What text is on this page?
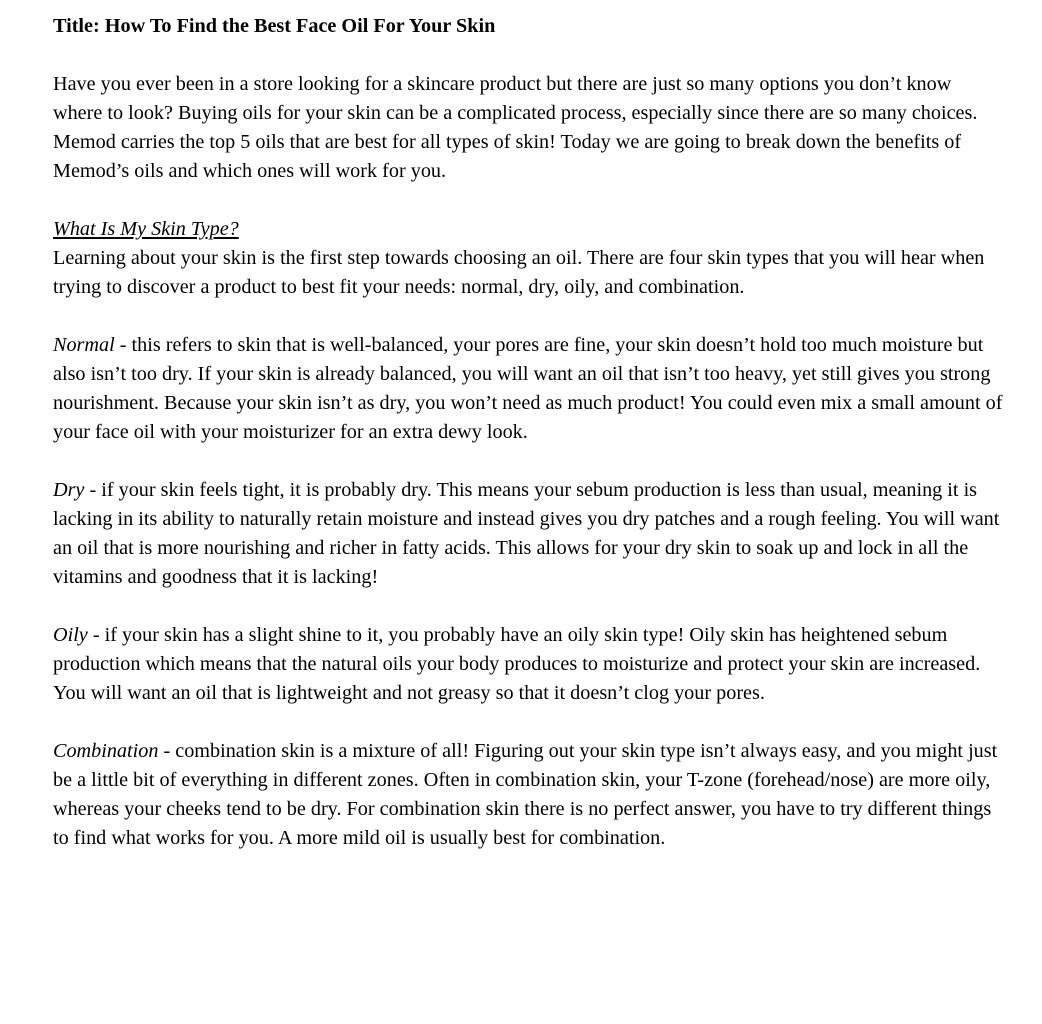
Title: How To Find the Best Face Oil For Your Skin

Have you ever been in a store looking for a skincare product but there are just so many options you don’t know where to look? Buying oils for your skin can be a complicated process, especially since there are so many choices. Memod carries the top 5 oils that are best for all types of skin! Today we are going to break down the benefits of Memod’s oils and which ones will work for you.

What Is My Skin Type?

Learning about your skin is the first step towards choosing an oil. There are four skin types that you will hear when trying to discover a product to best fit your needs: normal, dry, oily, and combination.

Normal - this refers to skin that is well-balanced, your pores are fine, your skin doesn’t hold too much moisture but also isn’t too dry. If your skin is already balanced, you will want an oil that isn’t too heavy, yet still gives you strong nourishment. Because your skin isn’t as dry, you won’t need as much product! You could even mix a small amount of your face oil with your moisturizer for an extra dewy look.

Dry - if your skin feels tight, it is probably dry. This means your sebum production is less than usual, meaning it is lacking in its ability to naturally retain moisture and instead gives you dry patches and a rough feeling. You will want an oil that is more nourishing and richer in fatty acids. This allows for your dry skin to soak up and lock in all the vitamins and goodness that it is lacking!

Oily - if your skin has a slight shine to it, you probably have an oily skin type! Oily skin has heightened sebum production which means that the natural oils your body produces to moisturize and protect your skin are increased. You will want an oil that is lightweight and not greasy so that it doesn’t clog your pores.

Combination - combination skin is a mixture of all! Figuring out your skin type isn’t always easy, and you might just be a little bit of everything in different zones. Often in combination skin, your T-zone (forehead/nose) are more oily, whereas your cheeks tend to be dry. For combination skin there is no perfect answer, you have to try different things to find what works for you. A more mild oil is usually best for combination.
